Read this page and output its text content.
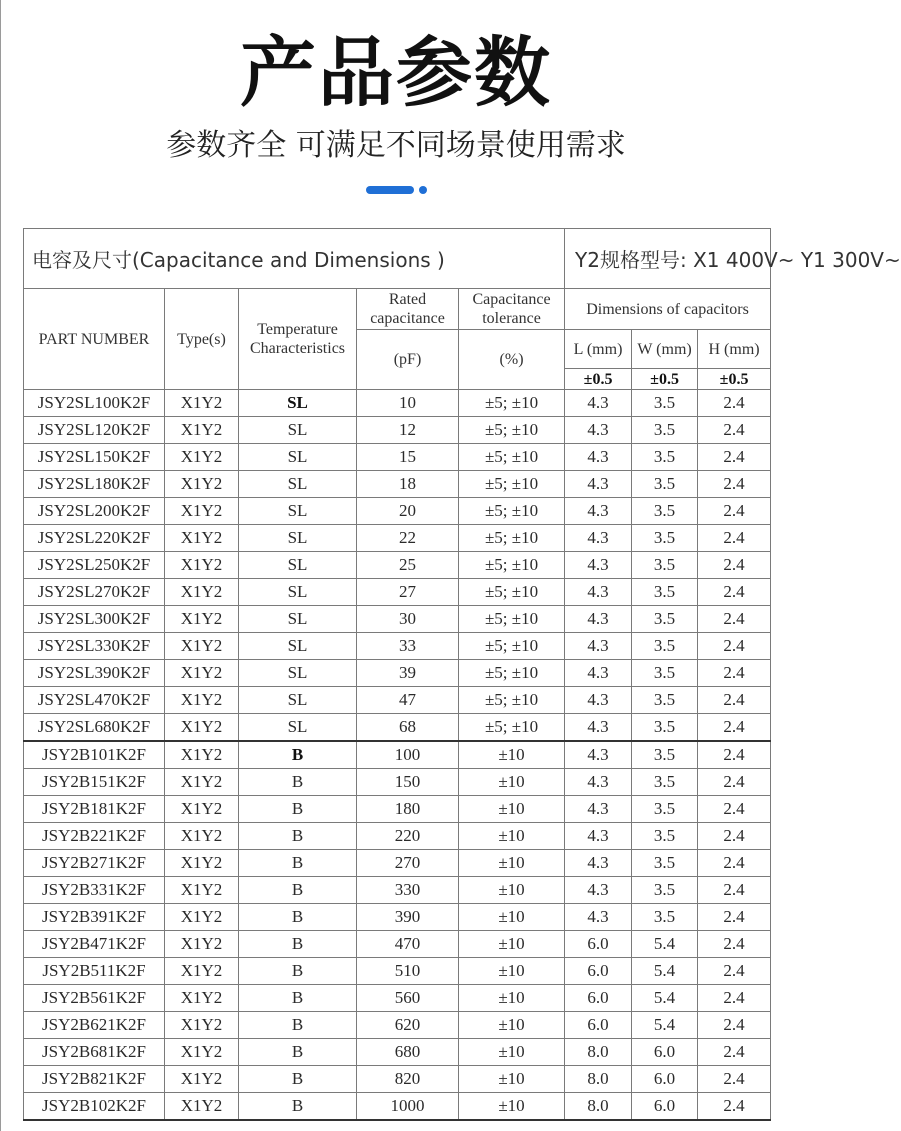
产品参数
参数齐全 可满足不同场景使用需求
电容及尺寸(Capacitance and Dimensions )					Y2规格型号: X1 400V~ Y1 300V~		
PART NUMBER	Type(s)	Temperature Characteristics	Rated capacitance	Capacitance tolerance	Dimensions of capacitors		
			(pF)	(%)	L (mm)	W (mm)	H (mm)
					±0.5	±0.5	±0.5
JSY2SL100K2F	X1Y2	SL	10	±5; ±10	4.3	3.5	2.4
JSY2SL120K2F	X1Y2	SL	12	±5; ±10	4.3	3.5	2.4
JSY2SL150K2F	X1Y2	SL	15	±5; ±10	4.3	3.5	2.4
JSY2SL180K2F	X1Y2	SL	18	±5; ±10	4.3	3.5	2.4
JSY2SL200K2F	X1Y2	SL	20	±5; ±10	4.3	3.5	2.4
JSY2SL220K2F	X1Y2	SL	22	±5; ±10	4.3	3.5	2.4
JSY2SL250K2F	X1Y2	SL	25	±5; ±10	4.3	3.5	2.4
JSY2SL270K2F	X1Y2	SL	27	±5; ±10	4.3	3.5	2.4
JSY2SL300K2F	X1Y2	SL	30	±5; ±10	4.3	3.5	2.4
JSY2SL330K2F	X1Y2	SL	33	±5; ±10	4.3	3.5	2.4
JSY2SL390K2F	X1Y2	SL	39	±5; ±10	4.3	3.5	2.4
JSY2SL470K2F	X1Y2	SL	47	±5; ±10	4.3	3.5	2.4
JSY2SL680K2F	X1Y2	SL	68	±5; ±10	4.3	3.5	2.4
JSY2B101K2F	X1Y2	B	100	±10	4.3	3.5	2.4
JSY2B151K2F	X1Y2	B	150	±10	4.3	3.5	2.4
JSY2B181K2F	X1Y2	B	180	±10	4.3	3.5	2.4
JSY2B221K2F	X1Y2	B	220	±10	4.3	3.5	2.4
JSY2B271K2F	X1Y2	B	270	±10	4.3	3.5	2.4
JSY2B331K2F	X1Y2	B	330	±10	4.3	3.5	2.4
JSY2B391K2F	X1Y2	B	390	±10	4.3	3.5	2.4
JSY2B471K2F	X1Y2	B	470	±10	6.0	5.4	2.4
JSY2B511K2F	X1Y2	B	510	±10	6.0	5.4	2.4
JSY2B561K2F	X1Y2	B	560	±10	6.0	5.4	2.4
JSY2B621K2F	X1Y2	B	620	±10	6.0	5.4	2.4
JSY2B681K2F	X1Y2	B	680	±10	8.0	6.0	2.4
JSY2B821K2F	X1Y2	B	820	±10	8.0	6.0	2.4
JSY2B102K2F	X1Y2	B	1000	±10	8.0	6.0	2.4
